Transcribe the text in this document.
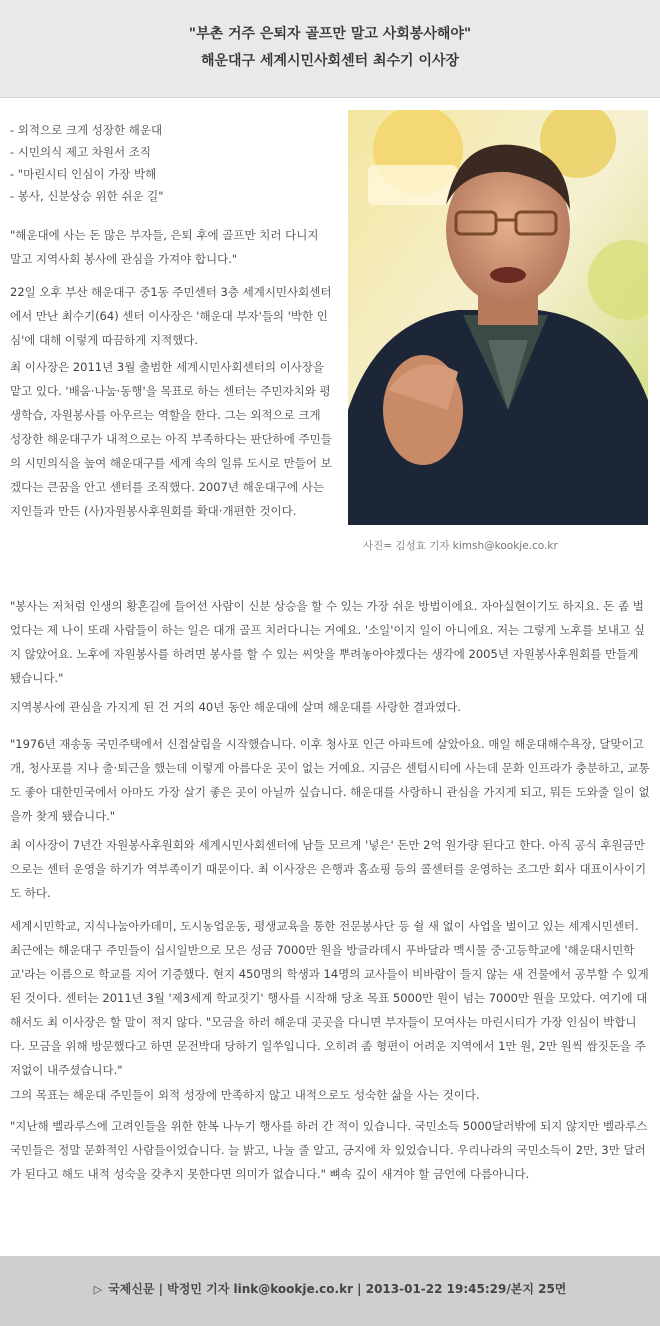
"부촌 거주 은퇴자 골프만 말고 사회봉사해야"
해운대구 세계시민사회센터 최수기 이사장
- 외적으로 크게 성장한 해운대
- 시민의식 제고 차원서 조직
- "마린시티 인심이 가장 박해
- 봉사, 신분상승 위한 쉬운 길"

"해운대에 사는 돈 많은 부자들, 은퇴 후에 골프만 치러 다니지 말고 지역사회 봉사에 관심을 가져야 합니다."

22일 오후 부산 해운대구 중1동 주민센터 3층 세계시민사회센터에서 만난 최수기(64) 센터 이사장은 '해운대 부자'들의 '박한 인심'에 대해 이렇게 따끔하게 지적했다.

최 이사장은 2011년 3월 출범한 세계시민사회센터의 이사장을 맡고 있다. '배움·나눔·동행'을 목표로 하는 센터는 주민자치와 평생학습, 자원봉사를 아우르는 역할을 한다. 그는 외적으로 크게 성장한 해운대구가 내적으로는 아직 부족하다는 판단하에 주민들의 시민의식을 높여 해운대구를 세계 속의 일류 도시로 만들어 보겠다는 큰꿈을 안고 센터를 조직했다. 2007년 해운대구에 사는 지인들과 만든 (사)자원봉사후원회를 확대·개편한 것이다.

사진= 김성효 기자 kimsh@kookje.co.kr

"봉사는 저처럼 인생의 황혼길에 들어선 사람이 신분 상승을 할 수 있는 가장 쉬운 방법이에요. 자아실현이기도 하지요. 돈 좀 벌었다는 제 나이 또래 사람들이 하는 일은 대개 골프 치러다니는 거예요. '소일'이지 일이 아니에요. 저는 그렇게 노후를 보내고 싶지 않았어요. 노후에 자원봉사를 하려면 봉사를 할 수 있는 씨앗을 뿌려놓아야겠다는 생각에 2005년 자원봉사후원회를 만들게 됐습니다."

지역봉사에 관심을 가지게 된 건 거의 40년 동안 해운대에 살며 해운대를 사랑한 결과였다.

"1976년 재송동 국민주택에서 신접살림을 시작했습니다. 이후 청사포 인근 아파트에 살았아요. 매일 해운대해수욕장, 달맞이고개, 청사포를 지나 출·퇴근을 했는데 이렇게 아름다운 곳이 없는 거예요. 지금은 센텀시티에 사는데 문화 인프라가 충분하고, 교통도 좋아 대한민국에서 아마도 가장 살기 좋은 곳이 아닐까 싶습니다. 해운대를 사랑하니 관심을 가지게 되고, 뭐든 도와줄 일이 없을까 찾게 됐습니다."

최 이사장이 7년간 자원봉사후원회와 세계시민사회센터에 남들 모르게 '넣은' 돈만 2억 원가량 된다고 한다. 아직 공식 후원금만으로는 센터 운영을 하기가 역부족이기 때문이다. 최 이사장은 은행과 홈쇼핑 등의 콜센터를 운영하는 조그만 회사 대표이사이기도 하다.

세계시민학교, 지식나눔아카데미, 도시농업운동, 평생교육을 통한 전문봉사단 등 쉴 새 없이 사업을 벌이고 있는 세계시민센터. 최근에는 해운대구 주민들이 십시일반으로 모은 성금 7000만 원을 방글라데시 푸바달라 멕시물 중·고등학교에 '해운대시민학교'라는 이름으로 학교를 지어 기증했다. 현지 450명의 학생과 14명의 교사들이 비바람이 들지 않는 새 건물에서 공부할 수 있게 된 것이다. 센터는 2011년 3월 '제3세계 학교짓기' 행사를 시작해 당초 목표 5000만 원이 넘는 7000만 원을 모았다. 여기에 대해서도 최 이사장은 할 말이 적지 않다. "모금을 하러 해운대 곳곳을 다니면 부자들이 모여사는 마린시티가 가장 인심이 박합니다. 모금을 위해 방문했다고 하면 문전박대 당하기 일쑤입니다. 오히려 좀 형편이 어려운 지역에서 1만 원, 2만 원씩 쌈짓돈을 주저없이 내주셨습니다."

그의 목표는 해운대 주민들이 외적 성장에 만족하지 않고 내적으로도 성숙한 삶을 사는 것이다.

"지난해 벨라루스에 고려인들을 위한 한복 나누기 행사를 하러 간 적이 있습니다. 국민소득 5000달러밖에 되지 않지만 벨라루스 국민들은 정말 문화적인 사람들이었습니다. 늘 밝고, 나눌 줄 알고, 긍지에 차 있었습니다. 우리나라의 국민소득이 2만, 3만 달러가 된다고 해도 내적 성숙을 갖추지 못한다면 의미가 없습니다." 뼈속 깊이 새겨야 할 금언에 다름아니다.

▷ 국제신문 | 박정민 기자 link@kookje.co.kr | 2013-01-22 19:45:29/본지 25면
